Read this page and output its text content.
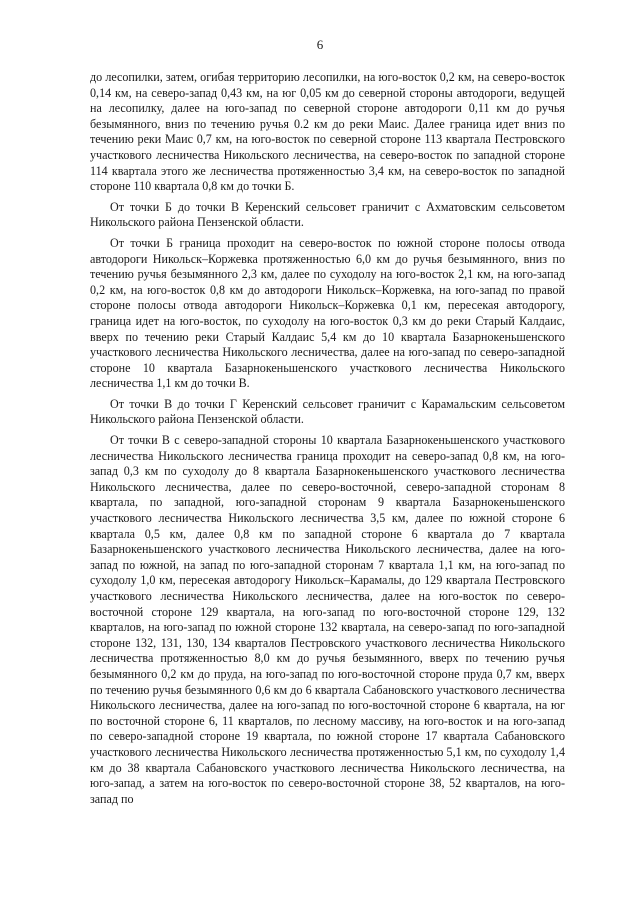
6

до лесопилки, затем, огибая территорию лесопилки, на юго-восток 0,2 км, на северо-восток 0,14 км, на северо-запад 0,43 км, на юг 0,05 км до северной стороны автодороги, ведущей на лесопилку, далее на юго-запад по северной стороне автодороги 0,11 км до ручья безымянного, вниз по течению ручья 0.2 км до реки Маис. Далее граница идет вниз по течению реки Маис 0,7 км, на юго-восток по северной стороне 113 квартала Пестровского участкового лесничества Никольского лесничества, на северо-восток по западной стороне 114 квартала этого же лесничества протяженностью 3,4 км, на северо-восток по западной стороне 110 квартала 0,8 км до точки Б.

От точки Б до точки В Керенский сельсовет граничит с Ахматовским сельсоветом Никольского района Пензенской области.

От точки Б граница проходит на северо-восток по южной стороне полосы отвода автодороги Никольск–Коржевка протяженностью 6,0 км до ручья безымянного, вниз по течению ручья безымянного 2,3 км, далее по суходолу на юго-восток 2,1 км, на юго-запад 0,2 км, на юго-восток 0,8 км до автодороги Никольск–Коржевка, на юго-запад по правой стороне полосы отвода автодороги Никольск–Коржевка 0,1 км, пересекая автодорогу, граница идет на юго-восток, по суходолу на юго-восток 0,3 км до реки Старый Калдаис, вверх по течению реки Старый Калдаис 5,4 км до 10 квартала Базарнокеньшенского участкового лесничества Никольского лесничества, далее на юго-запад по северо-западной стороне 10 квартала Базарнокеньшенского участкового лесничества Никольского лесничества 1,1 км до точки В.

От точки В до точки Г Керенский сельсовет граничит с Карамальским сельсоветом Никольского района Пензенской области.

От точки В с северо-западной стороны 10 квартала Базарнокеньшенского участкового лесничества Никольского лесничества граница проходит на северо-запад 0,8 км, на юго-запад 0,3 км по суходолу до 8 квартала Базарнокеньшенского участкового лесничества Никольского лесничества, далее по северо-восточной, северо-западной сторонам 8 квартала, по западной, юго-западной сторонам 9 квартала Базарнокеньшенского участкового лесничества Никольского лесничества 3,5 км, далее по южной стороне 6 квартала 0,5 км, далее 0,8 км по западной стороне 6 квартала до 7 квартала Базарнокеньшенского участкового лесничества Никольского лесничества, далее на юго-запад по южной, на запад по юго-западной сторонам 7 квартала 1,1 км, на юго-запад по суходолу 1,0 км, пересекая автодорогу Никольск–Карамалы, до 129 квартала Пестровского участкового лесничества Никольского лесничества, далее на юго-восток по северо-восточной стороне 129 квартала, на юго-запад по юго-восточной стороне 129, 132 кварталов, на юго-запад по южной стороне 132 квартала, на северо-запад по юго-западной стороне 132, 131, 130, 134 кварталов Пестровского участкового лесничества Никольского лесничества протяженностью 8,0 км до ручья безымянного, вверх по течению ручья безымянного 0,2 км до пруда, на юго-запад по юго-восточной стороне пруда 0,7 км, вверх по течению ручья безымянного 0,6 км до 6 квартала Сабановского участкового лесничества Никольского лесничества, далее на юго-запад по юго-восточной стороне 6 квартала, на юг по восточной стороне 6, 11 кварталов, по лесному массиву, на юго-восток и на юго-запад по северо-западной стороне 19 квартала, по южной стороне 17 квартала Сабановского участкового лесничества Никольского лесничества протяженностью 5,1 км, по суходолу 1,4 км до 38 квартала Сабановского участкового лесничества Никольского лесничества, на юго-запад, а затем на юго-восток по северо-восточной стороне 38, 52 кварталов, на юго-запад по
